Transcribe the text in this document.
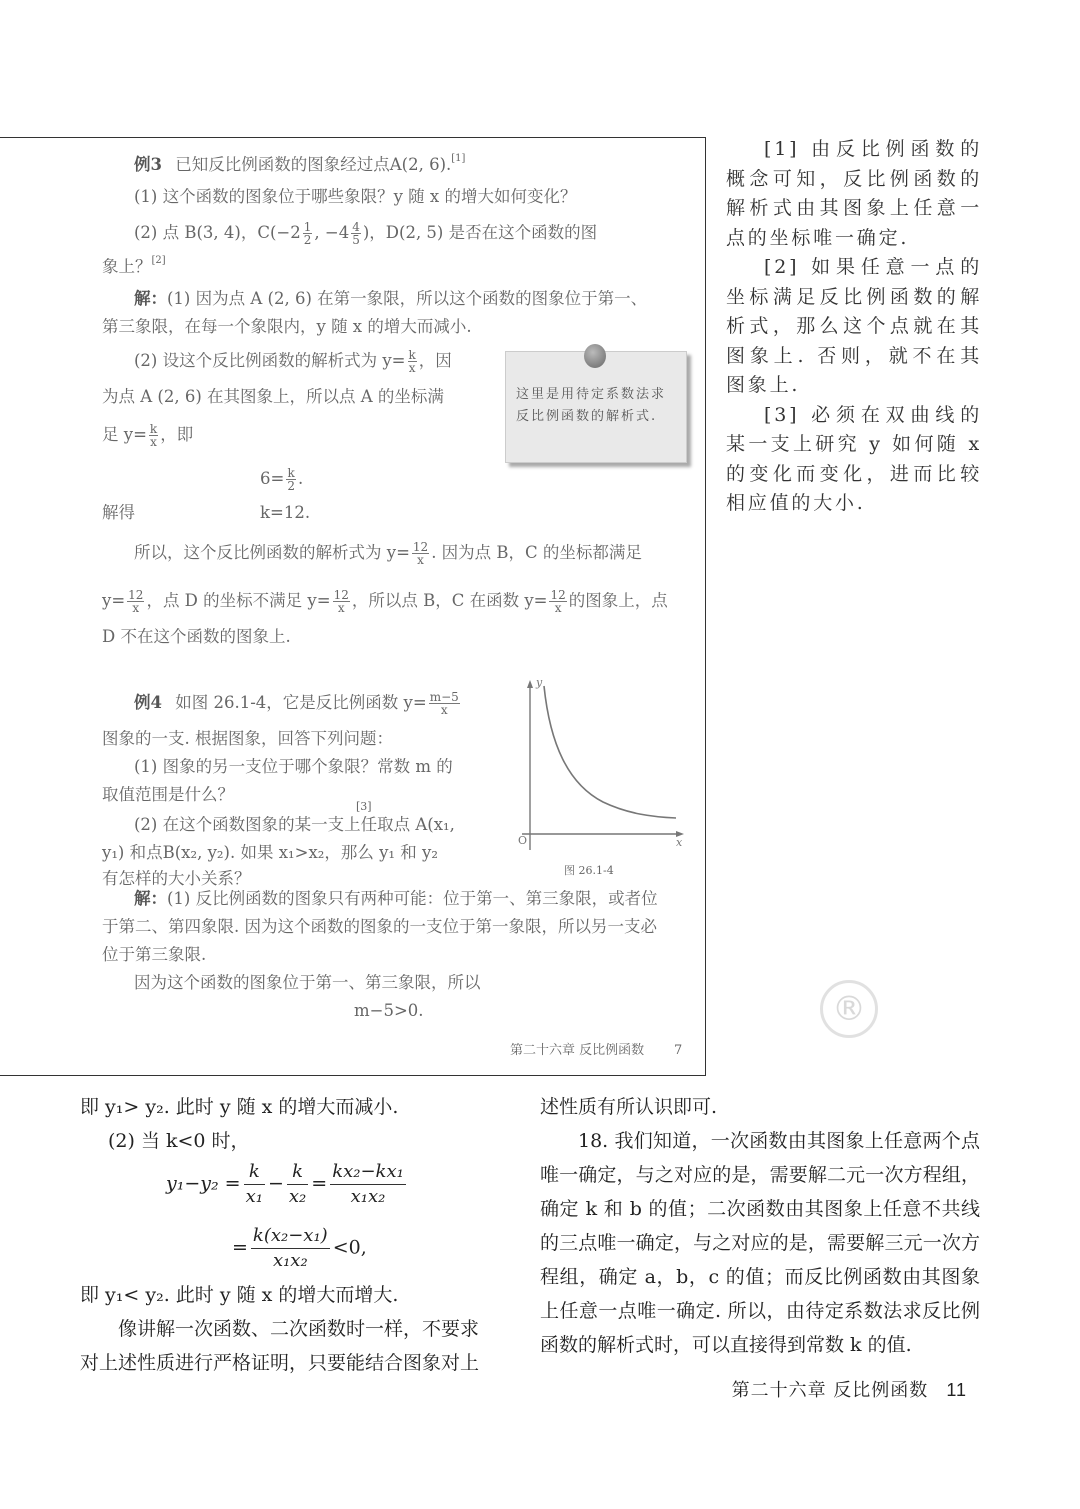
例3 已知反比例函数的图象经过点A(2, 6).[1]
(1) 这个函数的图象位于哪些象限？y 随 x 的增大如何变化？
(2) 点 B(3, 4)，$C(-2 \frac{1}{2}$ , $-4 \frac{4}{5}$ )，D(2, 5) 是否在这个函数的图
象上？[2]
解：(1) 因为点 A (2, 6) 在第一象限，所以这个函数的图象位于第一、
第三象限，在每一个象限内，y 随 x 的增大而减小.
(2) 设这个反比例函数的解析式为 $y= \frac{k}{x}$ ，因
为点 A (2, 6) 在其图象上，所以点 A 的坐标满
足 $y= \frac{k}{x}$ ，即
$6= \frac{k}{2}$ .
解得	k=12.
所以，这个反比例函数的解析式为 $y= \frac{12}{x}$ . 因为点 B，C 的坐标都满足
$y= \frac{12}{x}$ ，点 D 的坐标不满足 $y= \frac{12}{x}$ ，所以点 B，C 在函数 $y= \frac{12}{x}$ 的图象上，点
D 不在这个函数的图象上.
这里是用待定系数法求反比例函数的解析式.
例4 如图 26.1-4，它是反比例函数 $y= \frac{m-5}{x}$
图象的一支. 根据图象，回答下列问题：
(1) 图象的另一支位于哪个象限？常数 m 的
取值范围是什么？
(2) 在这个函数图象的某一支上任取点 A(x₁,
[3]
y₁) 和点B(x₂, y₂). 如果 x₁>x₂，那么 y₁ 和 y₂
有怎样的大小关系？
y
O	x
图 26.1-4
解：(1) 反比例函数的图象只有两种可能：位于第一、第三象限，或者位
于第二、第四象限. 因为这个函数的图象的一支位于第一象限，所以另一支必
位于第三象限.
因为这个函数的图象位于第一、第三象限，所以
m−5>0.
第二十六章 反比例函数 7

[1] 由反比例函数的概念可知，反比例函数的解析式由其图象上任意一点的坐标唯一确定.

[2] 如果任意一点的坐标满足反比例函数的解析式，那么这个点就在其图象上. 否则，就不在其图象上.

[3] 必须在双曲线的某一支上研究 y 如何随 x 的变化而变化，进而比较相应值的大小.

®
即 y₁> y₂. 此时 y 随 x 的增大而减小.
(2) 当 k<0 时，
$y_1-y_2 = \frac{k}{\text{x₁}} - \frac{k}{\text{x₂}} = \frac{\text{kx₂−kx₁}}{\text{x₁x₂}}$
= $\frac{\text{k(x₂−x₁)}}{\text{x₁x₂}} <0$,
即 y₁< y₂. 此时 y 随 x 的增大而增大.
像讲解一次函数、二次函数时一样，不要求
对上述性质进行严格证明，只要能结合图象对上
述性质有所认识即可.
18. 我们知道，一次函数由其图象上任意两个点唯一确定，与之对应的是，需要解二元一次方程组，确定 k 和 b 的值；二次函数由其图象上任意不共线的三点唯一确定，与之对应的是，需要解三元一次方程组，确定 a，b，c 的值；而反比例函数由其图象上任意一点唯一确定. 所以，由待定系数法求反比例函数的解析式时，可以直接得到常数 k 的值.
第二十六章 反比例函数 11
